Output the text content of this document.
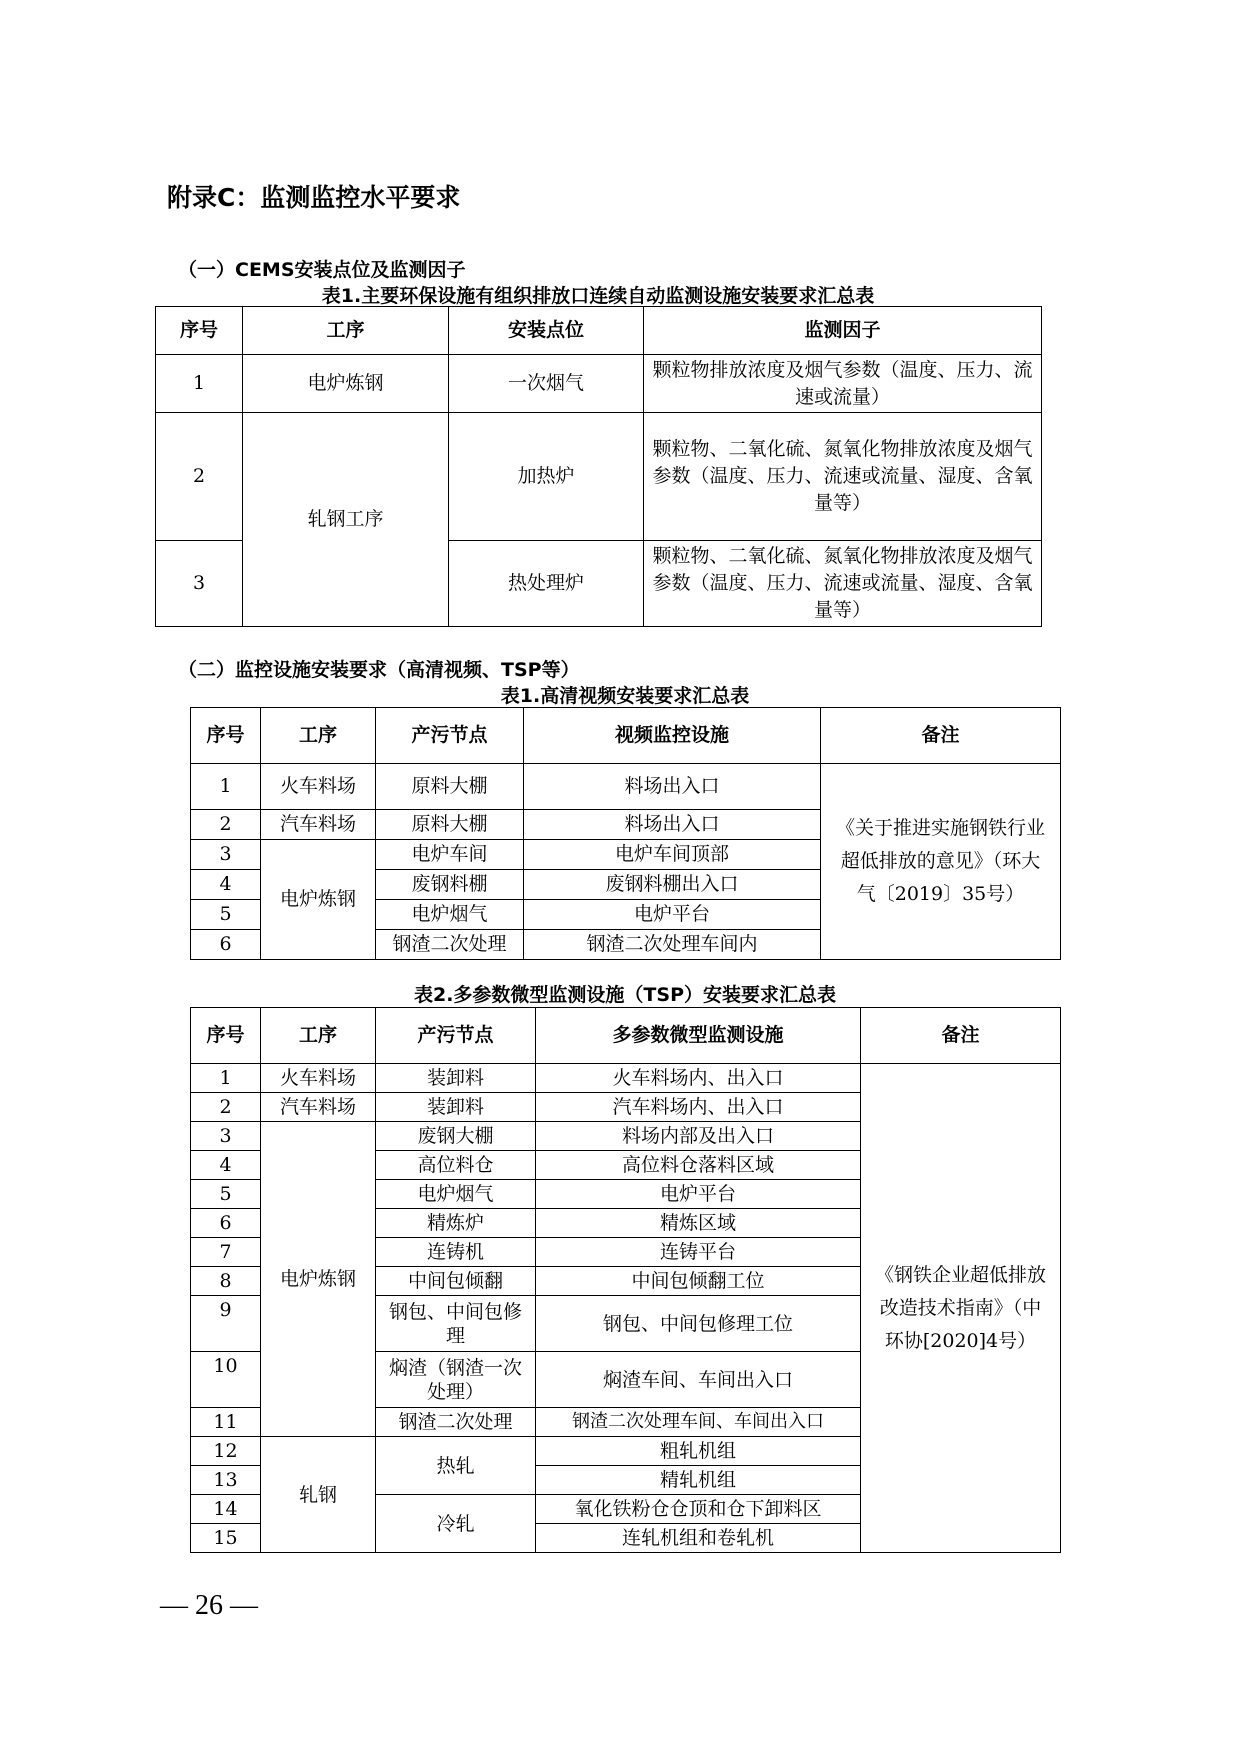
附录C：监测监控水平要求
（一）CEMS安装点位及监测因子
表1.主要环保设施有组织排放口连续自动监测设施安装要求汇总表
序号	工序	安装点位	监测因子
1	电炉炼钢	一次烟气	颗粒物排放浓度及烟气参数（温度、压力、流速或流量）
2	轧钢工序	加热炉	颗粒物、二氧化硫、氮氧化物排放浓度及烟气参数（温度、压力、流速或流量、湿度、含氧量等）
3		热处理炉	颗粒物、二氧化硫、氮氧化物排放浓度及烟气参数（温度、压力、流速或流量、湿度、含氧量等）
（二）监控设施安装要求（高清视频、TSP等）
表1.高清视频安装要求汇总表
序号	工序	产污节点	视频监控设施	备注
1	火车料场	原料大棚	料场出入口	《关于推进实施钢铁行业超低排放的意见》（环大气〔2019〕35号）
2	汽车料场	原料大棚	料场出入口	
3	电炉炼钢	电炉车间	电炉车间顶部	
4		废钢料棚	废钢料棚出入口	
5		电炉烟气	电炉平台	
6		钢渣二次处理	钢渣二次处理车间内	
表2.多参数微型监测设施（TSP）安装要求汇总表
序号	工序	产污节点	多参数微型监测设施	备注
1	火车料场	装卸料	火车料场内、出入口	《钢铁企业超低排放改造技术指南》（中环协[2020]4号）
2	汽车料场	装卸料	汽车料场内、出入口	
3	电炉炼钢	废钢大棚	料场内部及出入口	
4		高位料仓	高位料仓落料区域	
5		电炉烟气	电炉平台	
6		精炼炉	精炼区域	
7		连铸机	连铸平台	
8		中间包倾翻	中间包倾翻工位	
9		钢包、中间包修理	钢包、中间包修理工位	
10		焖渣（钢渣一次处理）	焖渣车间、车间出入口	
11		钢渣二次处理	钢渣二次处理车间、车间出入口	
12	轧钢	热轧	粗轧机组	
13			精轧机组	
14		冷轧	氧化铁粉仓仓顶和仓下卸料区	
15			连轧机组和卷轧机	
— 26 —
